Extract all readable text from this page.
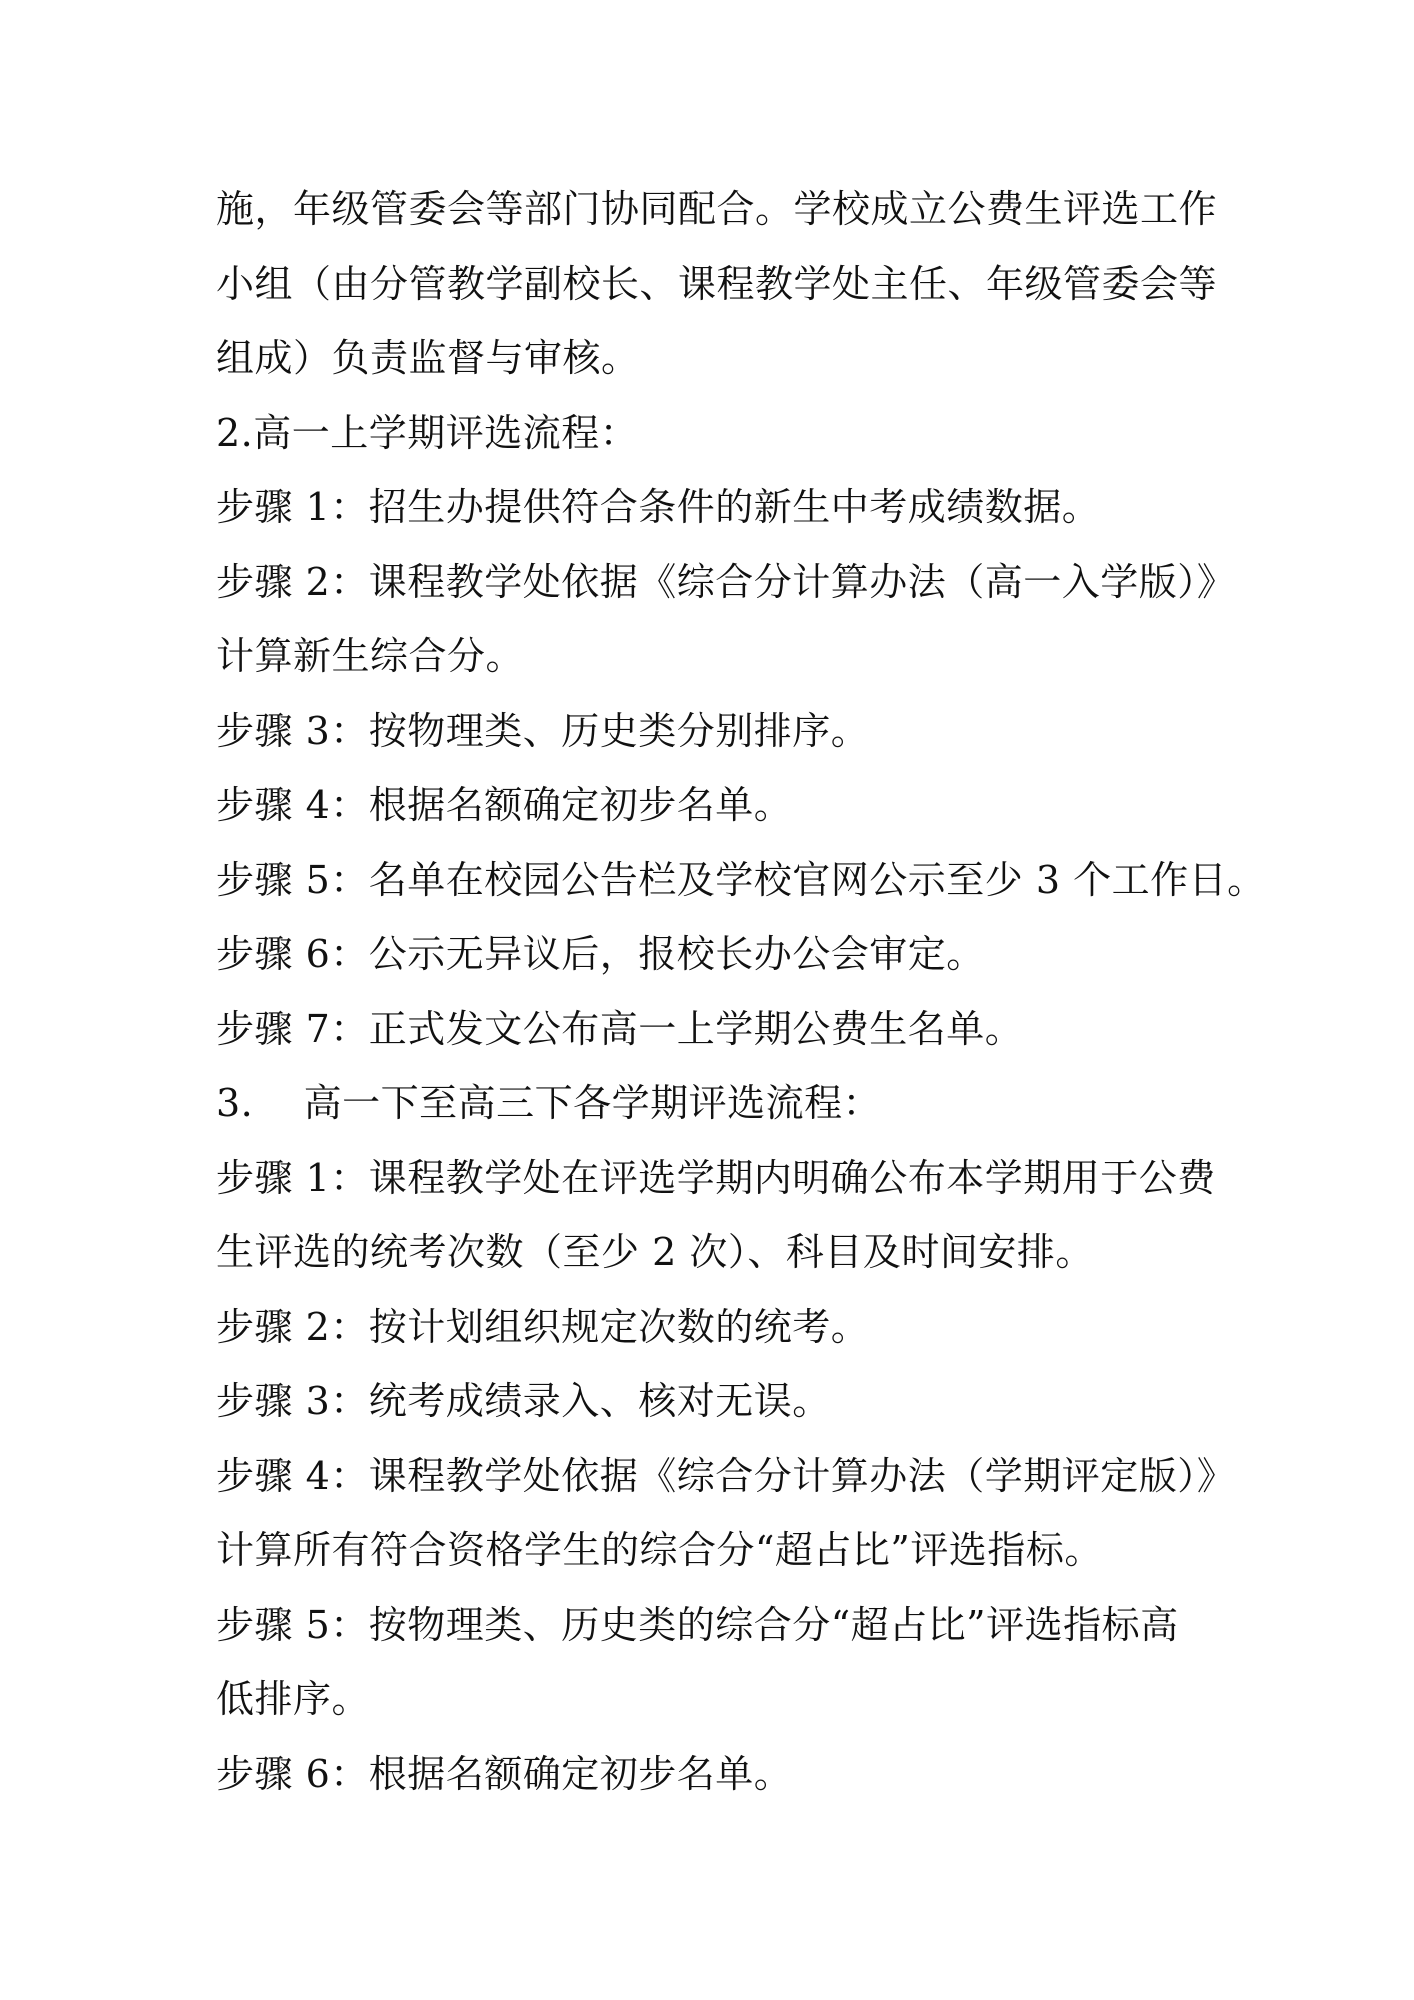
施，年级管委会等部门协同配合。学校成立公费生评选工作
小组（由分管教学副校长、课程教学处主任、年级管委会等
组成）负责监督与审核。
2.高一上学期评选流程：
步骤 1：招生办提供符合条件的新生中考成绩数据。
步骤 2：课程教学处依据《综合分计算办法（高一入学版）》
计算新生综合分。
步骤 3：按物理类、历史类分别排序。
步骤 4：根据名额确定初步名单。
步骤 5：名单在校园公告栏及学校官网公示至少 3 个工作日。
步骤 6：公示无异议后，报校长办公会审定。
步骤 7：正式发文公布高一上学期公费生名单。
3.    高一下至高三下各学期评选流程：
步骤 1：课程教学处在评选学期内明确公布本学期用于公费
生评选的统考次数（至少 2 次）、科目及时间安排。
步骤 2：按计划组织规定次数的统考。
步骤 3：统考成绩录入、核对无误。
步骤 4：课程教学处依据《综合分计算办法（学期评定版）》
计算所有符合资格学生的综合分“超占比”评选指标。
步骤 5：按物理类、历史类的综合分“超占比”评选指标高
低排序。
步骤 6：根据名额确定初步名单。
